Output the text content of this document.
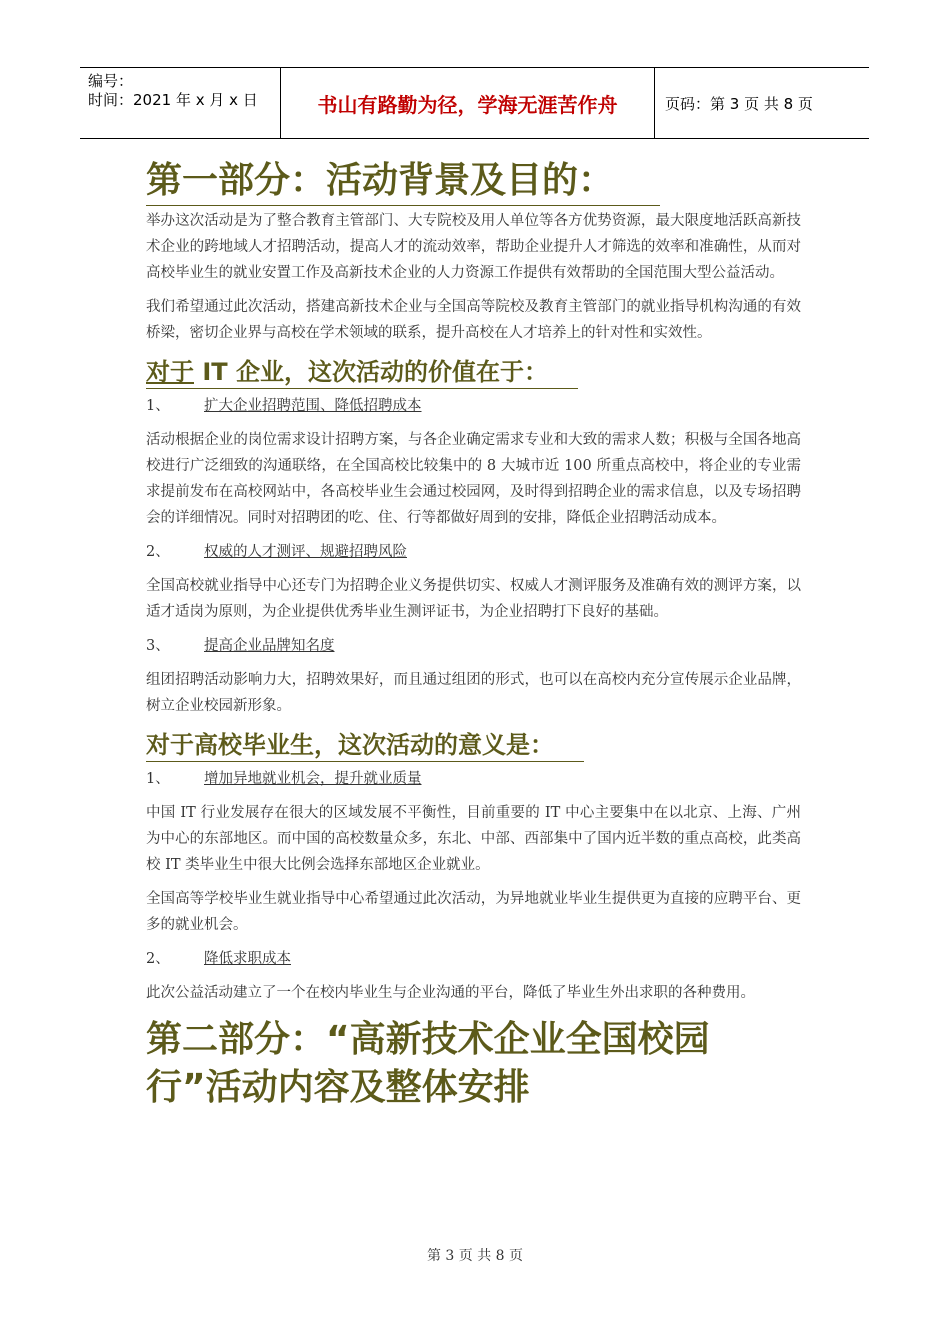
编号：
时间：2021 年 x 月 x 日	书山有路勤为径，学海无涯苦作舟	页码：第 3 页 共 8 页
第一部分：活动背景及目的：

举办这次活动是为了整合教育主管部门、大专院校及用人单位等各方优势资源，最大限度地活跃高新技术企业的跨地域人才招聘活动，提高人才的流动效率，帮助企业提升人才筛选的效率和准确性，从而对高校毕业生的就业安置工作及高新技术企业的人力资源工作提供有效帮助的全国范围大型公益活动。

我们希望通过此次活动，搭建高新技术企业与全国高等院校及教育主管部门的就业指导机构沟通的有效桥梁，密切企业界与高校在学术领域的联系，提升高校在人才培养上的针对性和实效性。

对于 IT 企业，这次活动的价值在于：
1、 扩大企业招聘范围、降低招聘成本

活动根据企业的岗位需求设计招聘方案，与各企业确定需求专业和大致的需求人数；积极与全国各地高校进行广泛细致的沟通联络，在全国高校比较集中的 8 大城市近 100 所重点高校中，将企业的专业需求提前发布在高校网站中，各高校毕业生会通过校园网，及时得到招聘企业的需求信息，以及专场招聘会的详细情况。同时对招聘团的吃、住、行等都做好周到的安排，降低企业招聘活动成本。

2、 权威的人才测评、规避招聘风险

全国高校就业指导中心还专门为招聘企业义务提供切实、权威人才测评服务及准确有效的测评方案，以适才适岗为原则，为企业提供优秀毕业生测评证书，为企业招聘打下良好的基础。

3、 提高企业品牌知名度

组团招聘活动影响力大，招聘效果好，而且通过组团的形式，也可以在高校内充分宣传展示企业品牌，树立企业校园新形象。

对于高校毕业生，这次活动的意义是：
1、 增加异地就业机会，提升就业质量

中国 IT 行业发展存在很大的区域发展不平衡性，目前重要的 IT 中心主要集中在以北京、上海、广州为中心的东部地区。而中国的高校数量众多，东北、中部、西部集中了国内近半数的重点高校，此类高校 IT 类毕业生中很大比例会选择东部地区企业就业。

全国高等学校毕业生就业指导中心希望通过此次活动，为异地就业毕业生提供更为直接的应聘平台、更多的就业机会。

2、 降低求职成本

此次公益活动建立了一个在校内毕业生与企业沟通的平台，降低了毕业生外出求职的各种费用。

第二部分：“高新技术企业全国校园
行”活动内容及整体安排
第 3 页 共 8 页
